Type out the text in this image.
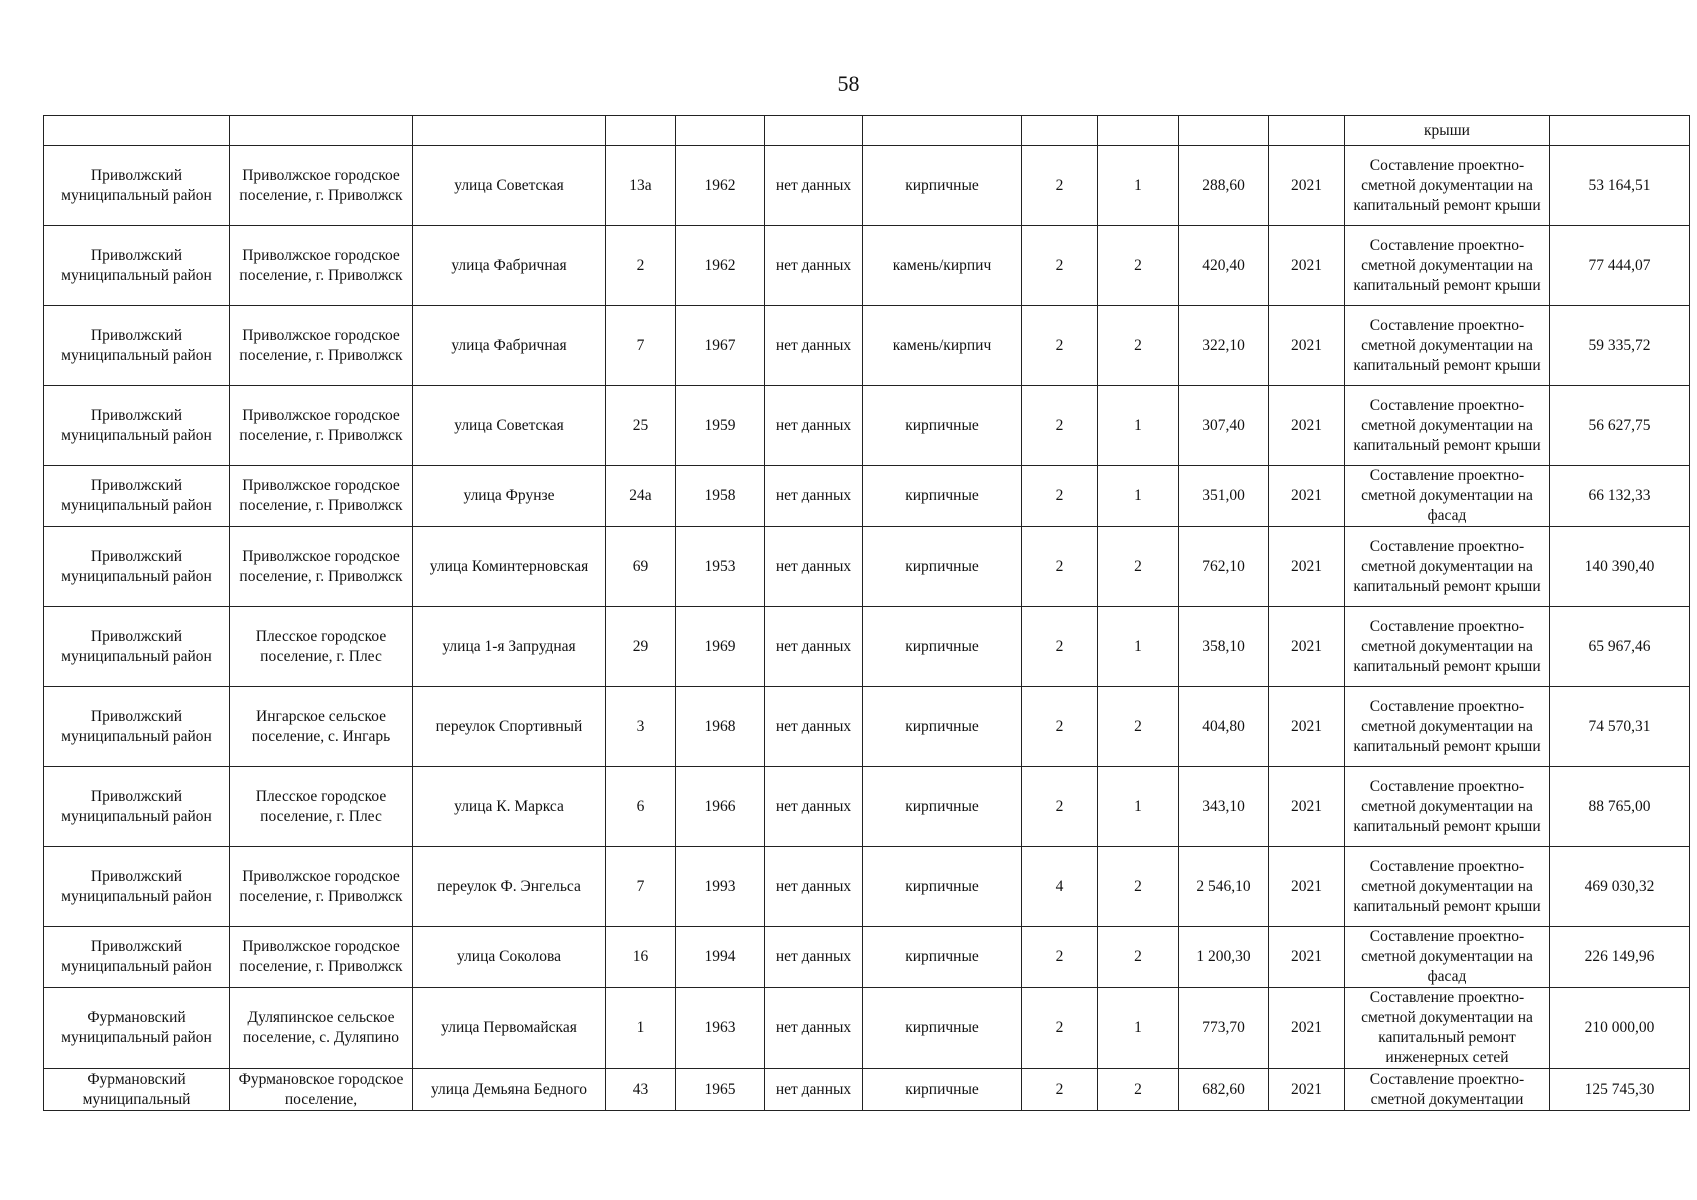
58
											крыши	
Приволжский муниципальный район	Приволжское городское поселение, г. Приволжск	улица Советская	13а	1962	нет данных	кирпичные	2	1	288,60	2021	Составление проектно-сметной документации на капитальный ремонт крыши	53 164,51
Приволжский муниципальный район	Приволжское городское поселение, г. Приволжск	улица Фабричная	2	1962	нет данных	камень/кирпич	2	2	420,40	2021	Составление проектно-сметной документации на капитальный ремонт крыши	77 444,07
Приволжский муниципальный район	Приволжское городское поселение, г. Приволжск	улица Фабричная	7	1967	нет данных	камень/кирпич	2	2	322,10	2021	Составление проектно-сметной документации на капитальный ремонт крыши	59 335,72
Приволжский муниципальный район	Приволжское городское поселение, г. Приволжск	улица Советская	25	1959	нет данных	кирпичные	2	1	307,40	2021	Составление проектно-сметной документации на капитальный ремонт крыши	56 627,75
Приволжский муниципальный район	Приволжское городское поселение, г. Приволжск	улица Фрунзе	24а	1958	нет данных	кирпичные	2	1	351,00	2021	Составление проектно-сметной документации на фасад	66 132,33
Приволжский муниципальный район	Приволжское городское поселение, г. Приволжск	улица Коминтерновская	69	1953	нет данных	кирпичные	2	2	762,10	2021	Составление проектно-сметной документации на капитальный ремонт крыши	140 390,40
Приволжский муниципальный район	Плесское городское поселение, г. Плес	улица 1-я Запрудная	29	1969	нет данных	кирпичные	2	1	358,10	2021	Составление проектно-сметной документации на капитальный ремонт крыши	65 967,46
Приволжский муниципальный район	Ингарское сельское поселение, с. Ингарь	переулок Спортивный	3	1968	нет данных	кирпичные	2	2	404,80	2021	Составление проектно-сметной документации на капитальный ремонт крыши	74 570,31
Приволжский муниципальный район	Плесское городское поселение, г. Плес	улица К. Маркса	6	1966	нет данных	кирпичные	2	1	343,10	2021	Составление проектно-сметной документации на капитальный ремонт крыши	88 765,00
Приволжский муниципальный район	Приволжское городское поселение, г. Приволжск	переулок Ф. Энгельса	7	1993	нет данных	кирпичные	4	2	2 546,10	2021	Составление проектно-сметной документации на капитальный ремонт крыши	469 030,32
Приволжский муниципальный район	Приволжское городское поселение, г. Приволжск	улица Соколова	16	1994	нет данных	кирпичные	2	2	1 200,30	2021	Составление проектно-сметной документации на фасад	226 149,96
Фурмановский муниципальный район	Дуляпинское сельское поселение, с. Дуляпино	улица Первомайская	1	1963	нет данных	кирпичные	2	1	773,70	2021	Составление проектно-сметной документации на капитальный ремонт инженерных сетей	210 000,00
Фурмановский муниципальный	Фурмановское городское поселение,	улица Демьяна Бедного	43	1965	нет данных	кирпичные	2	2	682,60	2021	Составление проектно-сметной документации	125 745,30
